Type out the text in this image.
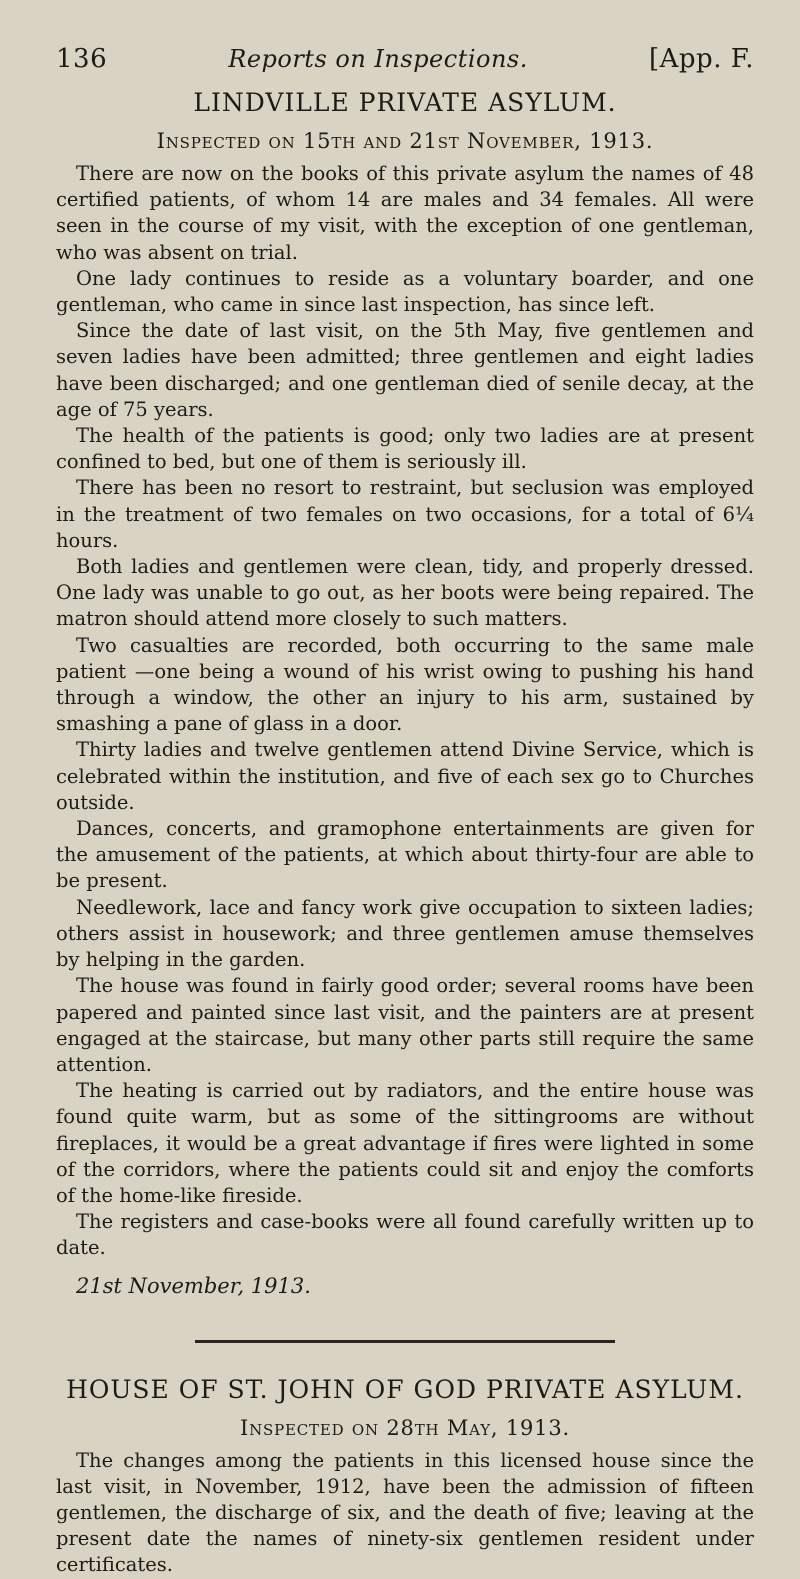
136	Reports on Inspections.	[App. F.
LINDVILLE PRIVATE ASYLUM.
Inspected on 15th and 21st November, 1913.

There are now on the books of this private asylum the names of 48 certified patients, of whom 14 are males and 34 females. All were seen in the course of my visit, with the exception of one gentleman, who was absent on trial.

One lady continues to reside as a voluntary boarder, and one gentleman, who came in since last inspection, has since left.

Since the date of last visit, on the 5th May, five gentlemen and seven ladies have been admitted; three gentlemen and eight ladies have been discharged; and one gentleman died of senile decay, at the age of 75 years.

The health of the patients is good; only two ladies are at present confined to bed, but one of them is seriously ill.

There has been no resort to restraint, but seclusion was employed in the treatment of two females on two occasions, for a total of 6¼ hours.

Both ladies and gentlemen were clean, tidy, and properly dressed. One lady was unable to go out, as her boots were being repaired. The matron should attend more closely to such matters.

Two casualties are recorded, both occurring to the same male patient —one being a wound of his wrist owing to pushing his hand through a window, the other an injury to his arm, sustained by smashing a pane of glass in a door.

Thirty ladies and twelve gentlemen attend Divine Service, which is celebrated within the institution, and five of each sex go to Churches outside.

Dances, concerts, and gramophone entertainments are given for the amusement of the patients, at which about thirty-four are able to be present.

Needlework, lace and fancy work give occupation to sixteen ladies; others assist in housework; and three gentlemen amuse themselves by helping in the garden.

The house was found in fairly good order; several rooms have been papered and painted since last visit, and the painters are at present engaged at the staircase, but many other parts still require the same attention.

The heating is carried out by radiators, and the entire house was found quite warm, but as some of the sittingrooms are without fireplaces, it would be a great advantage if fires were lighted in some of the corridors, where the patients could sit and enjoy the comforts of the home-like fireside.

The registers and case-books were all found carefully written up to date.

21st November, 1913.
HOUSE OF ST. JOHN OF GOD PRIVATE ASYLUM.
Inspected on 28th May, 1913.

The changes among the patients in this licensed house since the last visit, in November, 1912, have been the admission of fifteen gentlemen, the discharge of six, and the death of five; leaving at the present date the names of ninety-six gentlemen resident under certificates.
